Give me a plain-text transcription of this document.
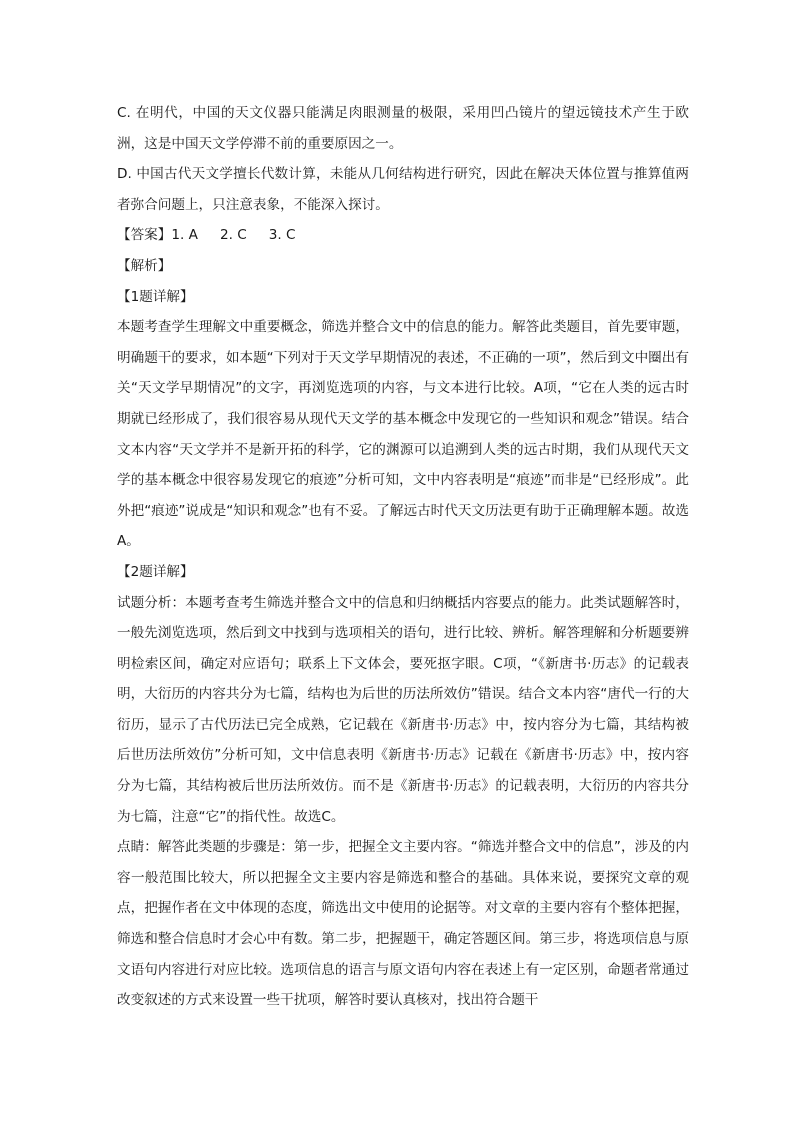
C. 在明代，中国的天文仪器只能满足肉眼测量的极限，采用凹凸镜片的望远镜技术产生于欧洲，这是中国天文学停滞不前的重要原因之一。

D. 中国古代天文学擅长代数计算，未能从几何结构进行研究，因此在解决天体位置与推算值两者弥合问题上，只注意表象，不能深入探讨。

【答案】1. A 2. C 3. C

【解析】

【1题详解】

本题考查学生理解文中重要概念，筛选并整合文中的信息的能力。解答此类题目，首先要审题，明确题干的要求，如本题“下列对于天文学早期情况的表述，不正确的一项”，然后到文中圈出有关“天文学早期情况”的文字，再浏览选项的内容，与文本进行比较。A项，“它在人类的远古时期就已经形成了，我们很容易从现代天文学的基本概念中发现它的一些知识和观念”错误。结合文本内容“天文学并不是新开拓的科学，它的渊源可以追溯到人类的远古时期，我们从现代天文学的基本概念中很容易发现它的痕迹”分析可知，文中内容表明是“痕迹”而非是“已经形成”。此外把“痕迹”说成是“知识和观念”也有不妥。了解远古时代天文历法更有助于正确理解本题。故选A。

【2题详解】

试题分析：本题考查考生筛选并整合文中的信息和归纳概括内容要点的能力。此类试题解答时，一般先浏览选项，然后到文中找到与选项相关的语句，进行比较、辨析。解答理解和分析题要辨明检索区间，确定对应语句；联系上下文体会，要死抠字眼。C项，“《新唐书·历志》的记载表明，大衍历的内容共分为七篇，结构也为后世的历法所效仿”错误。结合文本内容“唐代一行的大衍历，显示了古代历法已完全成熟，它记载在《新唐书·历志》中，按内容分为七篇，其结构被后世历法所效仿”分析可知，文中信息表明《新唐书·历志》记载在《新唐书·历志》中，按内容分为七篇，其结构被后世历法所效仿。而不是《新唐书·历志》的记载表明，大衍历的内容共分为七篇，注意“它”的指代性。故选C。

点睛：解答此类题的步骤是：第一步，把握全文主要内容。“筛选并整合文中的信息”，涉及的内容一般范围比较大，所以把握全文主要内容是筛选和整合的基础。具体来说，要探究文章的观点，把握作者在文中体现的态度，筛选出文中使用的论据等。对文章的主要内容有个整体把握，筛选和整合信息时才会心中有数。第二步，把握题干，确定答题区间。第三步，将选项信息与原文语句内容进行对应比较。选项信息的语言与原文语句内容在表述上有一定区别，命题者常通过改变叙述的方式来设置一些干扰项，解答时要认真核对，找出符合题干
